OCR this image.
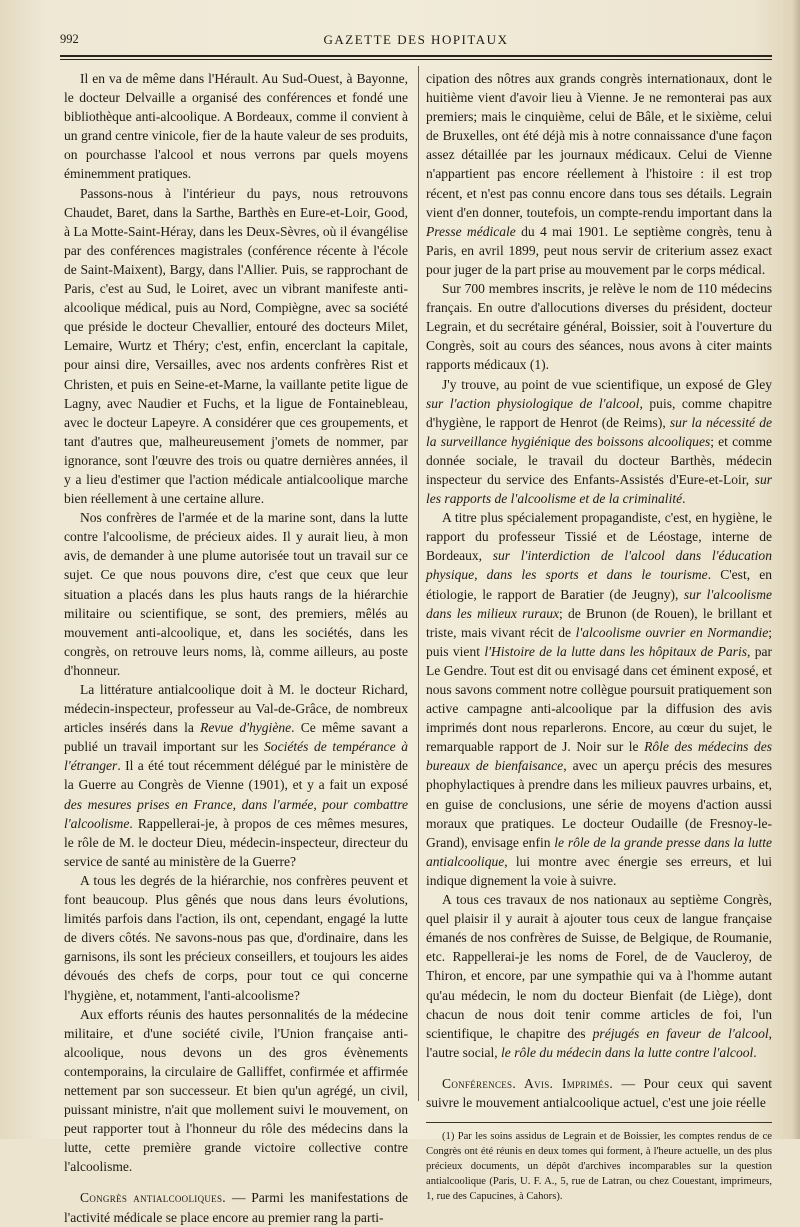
992	GAZETTE DES HOPITAUX

Il en va de même dans l'Hérault. Au Sud-Ouest, à Bayonne, le docteur Delvaille a organisé des conférences et fondé une bibliothèque anti-alcoolique. A Bordeaux, comme il convient à un grand centre vinicole, fier de la haute valeur de ses produits, on pourchasse l'alcool et nous verrons par quels moyens éminemment pratiques.

Passons-nous à l'intérieur du pays, nous retrouvons Chaudet, Baret, dans la Sarthe, Barthès en Eure-et-Loir, Good, à La Motte-Saint-Héray, dans les Deux-Sèvres, où il évangélise par des conférences magistrales (conférence récente à l'école de Saint-Maixent), Bargy, dans l'Allier. Puis, se rapprochant de Paris, c'est au Sud, le Loiret, avec un vibrant manifeste anti-alcoolique médical, puis au Nord, Compiègne, avec sa société que préside le docteur Chevallier, entouré des docteurs Milet, Lemaire, Wurtz et Théry; c'est, enfin, encerclant la capitale, pour ainsi dire, Versailles, avec nos ardents confrères Rist et Christen, et puis en Seine-et-Marne, la vaillante petite ligue de Lagny, avec Naudier et Fuchs, et la ligue de Fontainebleau, avec le docteur Lapeyre. A considérer que ces groupements, et tant d'autres que, malheureusement j'omets de nommer, par ignorance, sont l'œuvre des trois ou quatre dernières années, il y a lieu d'estimer que l'action médicale antialcoolique marche bien réellement à une certaine allure.

Nos confrères de l'armée et de la marine sont, dans la lutte contre l'alcoolisme, de précieux aides. Il y aurait lieu, à mon avis, de demander à une plume autorisée tout un travail sur ce sujet. Ce que nous pouvons dire, c'est que ceux que leur situation a placés dans les plus hauts rangs de la hiérarchie militaire ou scientifique, se sont, des premiers, mêlés au mouvement anti-alcoolique, et, dans les sociétés, dans les congrès, on retrouve leurs noms, là, comme ailleurs, au poste d'honneur.

La littérature antialcoolique doit à M. le docteur Richard, médecin-inspecteur, professeur au Val-de-Grâce, de nombreux articles insérés dans la Revue d'hygiène. Ce même savant a publié un travail important sur les Sociétés de tempérance à l'étranger. Il a été tout récemment délégué par le ministère de la Guerre au Congrès de Vienne (1901), et y a fait un exposé des mesures prises en France, dans l'armée, pour combattre l'alcoolisme. Rappellerai-je, à propos de ces mêmes mesures, le rôle de M. le docteur Dieu, médecin-inspecteur, directeur du service de santé au ministère de la Guerre?

A tous les degrés de la hiérarchie, nos confrères peuvent et font beaucoup. Plus gênés que nous dans leurs évolutions, limités parfois dans l'action, ils ont, cependant, engagé la lutte de divers côtés. Ne savons-nous pas que, d'ordinaire, dans les garnisons, ils sont les précieux conseillers, et toujours les aides dévoués des chefs de corps, pour tout ce qui concerne l'hygiène, et, notamment, l'anti-alcoolisme?

Aux efforts réunis des hautes personnalités de la médecine militaire, et d'une société civile, l'Union française anti-alcoolique, nous devons un des gros évènements contemporains, la circulaire de Galliffet, confirmée et affirmée nettement par son successeur. Et bien qu'un agrégé, un civil, puissant ministre, n'ait que mollement suivi le mouvement, on peut rapporter tout à l'honneur du rôle des médecins dans la lutte, cette première grande victoire collective contre l'alcoolisme.

Congrès antialcooliques. — Parmi les manifestations de l'activité médicale se place encore au premier rang la parti-

cipation des nôtres aux grands congrès internationaux, dont le huitième vient d'avoir lieu à Vienne. Je ne remonterai pas aux premiers; mais le cinquième, celui de Bâle, et le sixième, celui de Bruxelles, ont été déjà mis à notre connaissance d'une façon assez détaillée par les journaux médicaux. Celui de Vienne n'appartient pas encore réellement à l'histoire : il est trop récent, et n'est pas connu encore dans tous ses détails. Legrain vient d'en donner, toutefois, un compte-rendu important dans la Presse médicale du 4 mai 1901. Le septième congrès, tenu à Paris, en avril 1899, peut nous servir de criterium assez exact pour juger de la part prise au mouvement par le corps médical.

Sur 700 membres inscrits, je relève le nom de 110 médecins français. En outre d'allocutions diverses du président, docteur Legrain, et du secrétaire général, Boissier, soit à l'ouverture du Congrès, soit au cours des séances, nous avons à citer maints rapports médicaux (1).

J'y trouve, au point de vue scientifique, un exposé de Gley sur l'action physiologique de l'alcool, puis, comme chapitre d'hygiène, le rapport de Henrot (de Reims), sur la nécessité de la surveillance hygiénique des boissons alcooliques; et comme donnée sociale, le travail du docteur Barthès, médecin inspecteur du service des Enfants-Assistés d'Eure-et-Loir, sur les rapports de l'alcoolisme et de la criminalité.

A titre plus spécialement propagandiste, c'est, en hygiène, le rapport du professeur Tissié et de Léostage, interne de Bordeaux, sur l'interdiction de l'alcool dans l'éducation physique, dans les sports et dans le tourisme. C'est, en étiologie, le rapport de Baratier (de Jeugny), sur l'alcoolisme dans les milieux ruraux; de Brunon (de Rouen), le brillant et triste, mais vivant récit de l'alcoolisme ouvrier en Normandie; puis vient l'Histoire de la lutte dans les hôpitaux de Paris, par Le Gendre. Tout est dit ou envisagé dans cet éminent exposé, et nous savons comment notre collègue poursuit pratiquement son active campagne anti-alcoolique par la diffusion des avis imprimés dont nous reparlerons. Encore, au cœur du sujet, le remarquable rapport de J. Noir sur le Rôle des médecins des bureaux de bienfaisance, avec un aperçu précis des mesures phophylactiques à prendre dans les milieux pauvres urbains, et, en guise de conclusions, une série de moyens d'action aussi moraux que pratiques. Le docteur Oudaille (de Fresnoy-le-Grand), envisage enfin le rôle de la grande presse dans la lutte antialcoolique, lui montre avec énergie ses erreurs, et lui indique dignement la voie à suivre.

A tous ces travaux de nos nationaux au septième Congrès, quel plaisir il y aurait à ajouter tous ceux de langue française émanés de nos confrères de Suisse, de Belgique, de Roumanie, etc. Rappellerai-je les noms de Forel, de de Vaucleroy, de Thiron, et encore, par une sympathie qui va à l'homme autant qu'au médecin, le nom du docteur Bienfait (de Liège), dont chacun de nous doit tenir comme articles de foi, l'un scientifique, le chapitre des préjugés en faveur de l'alcool, l'autre social, le rôle du médecin dans la lutte contre l'alcool.

Conférences. Avis. Imprimés. — Pour ceux qui savent suivre le mouvement antialcoolique actuel, c'est une joie réelle

(1) Par les soins assidus de Legrain et de Boissier, les comptes rendus de ce Congrès ont été réunis en deux tomes qui forment, à l'heure actuelle, un des plus précieux documents, un dépôt d'archives incomparables sur la question antialcoolique (Paris, U. F. A., 5, rue de Latran, ou chez Couestant, imprimeurs, 1, rue des Capucines, à Cahors).
